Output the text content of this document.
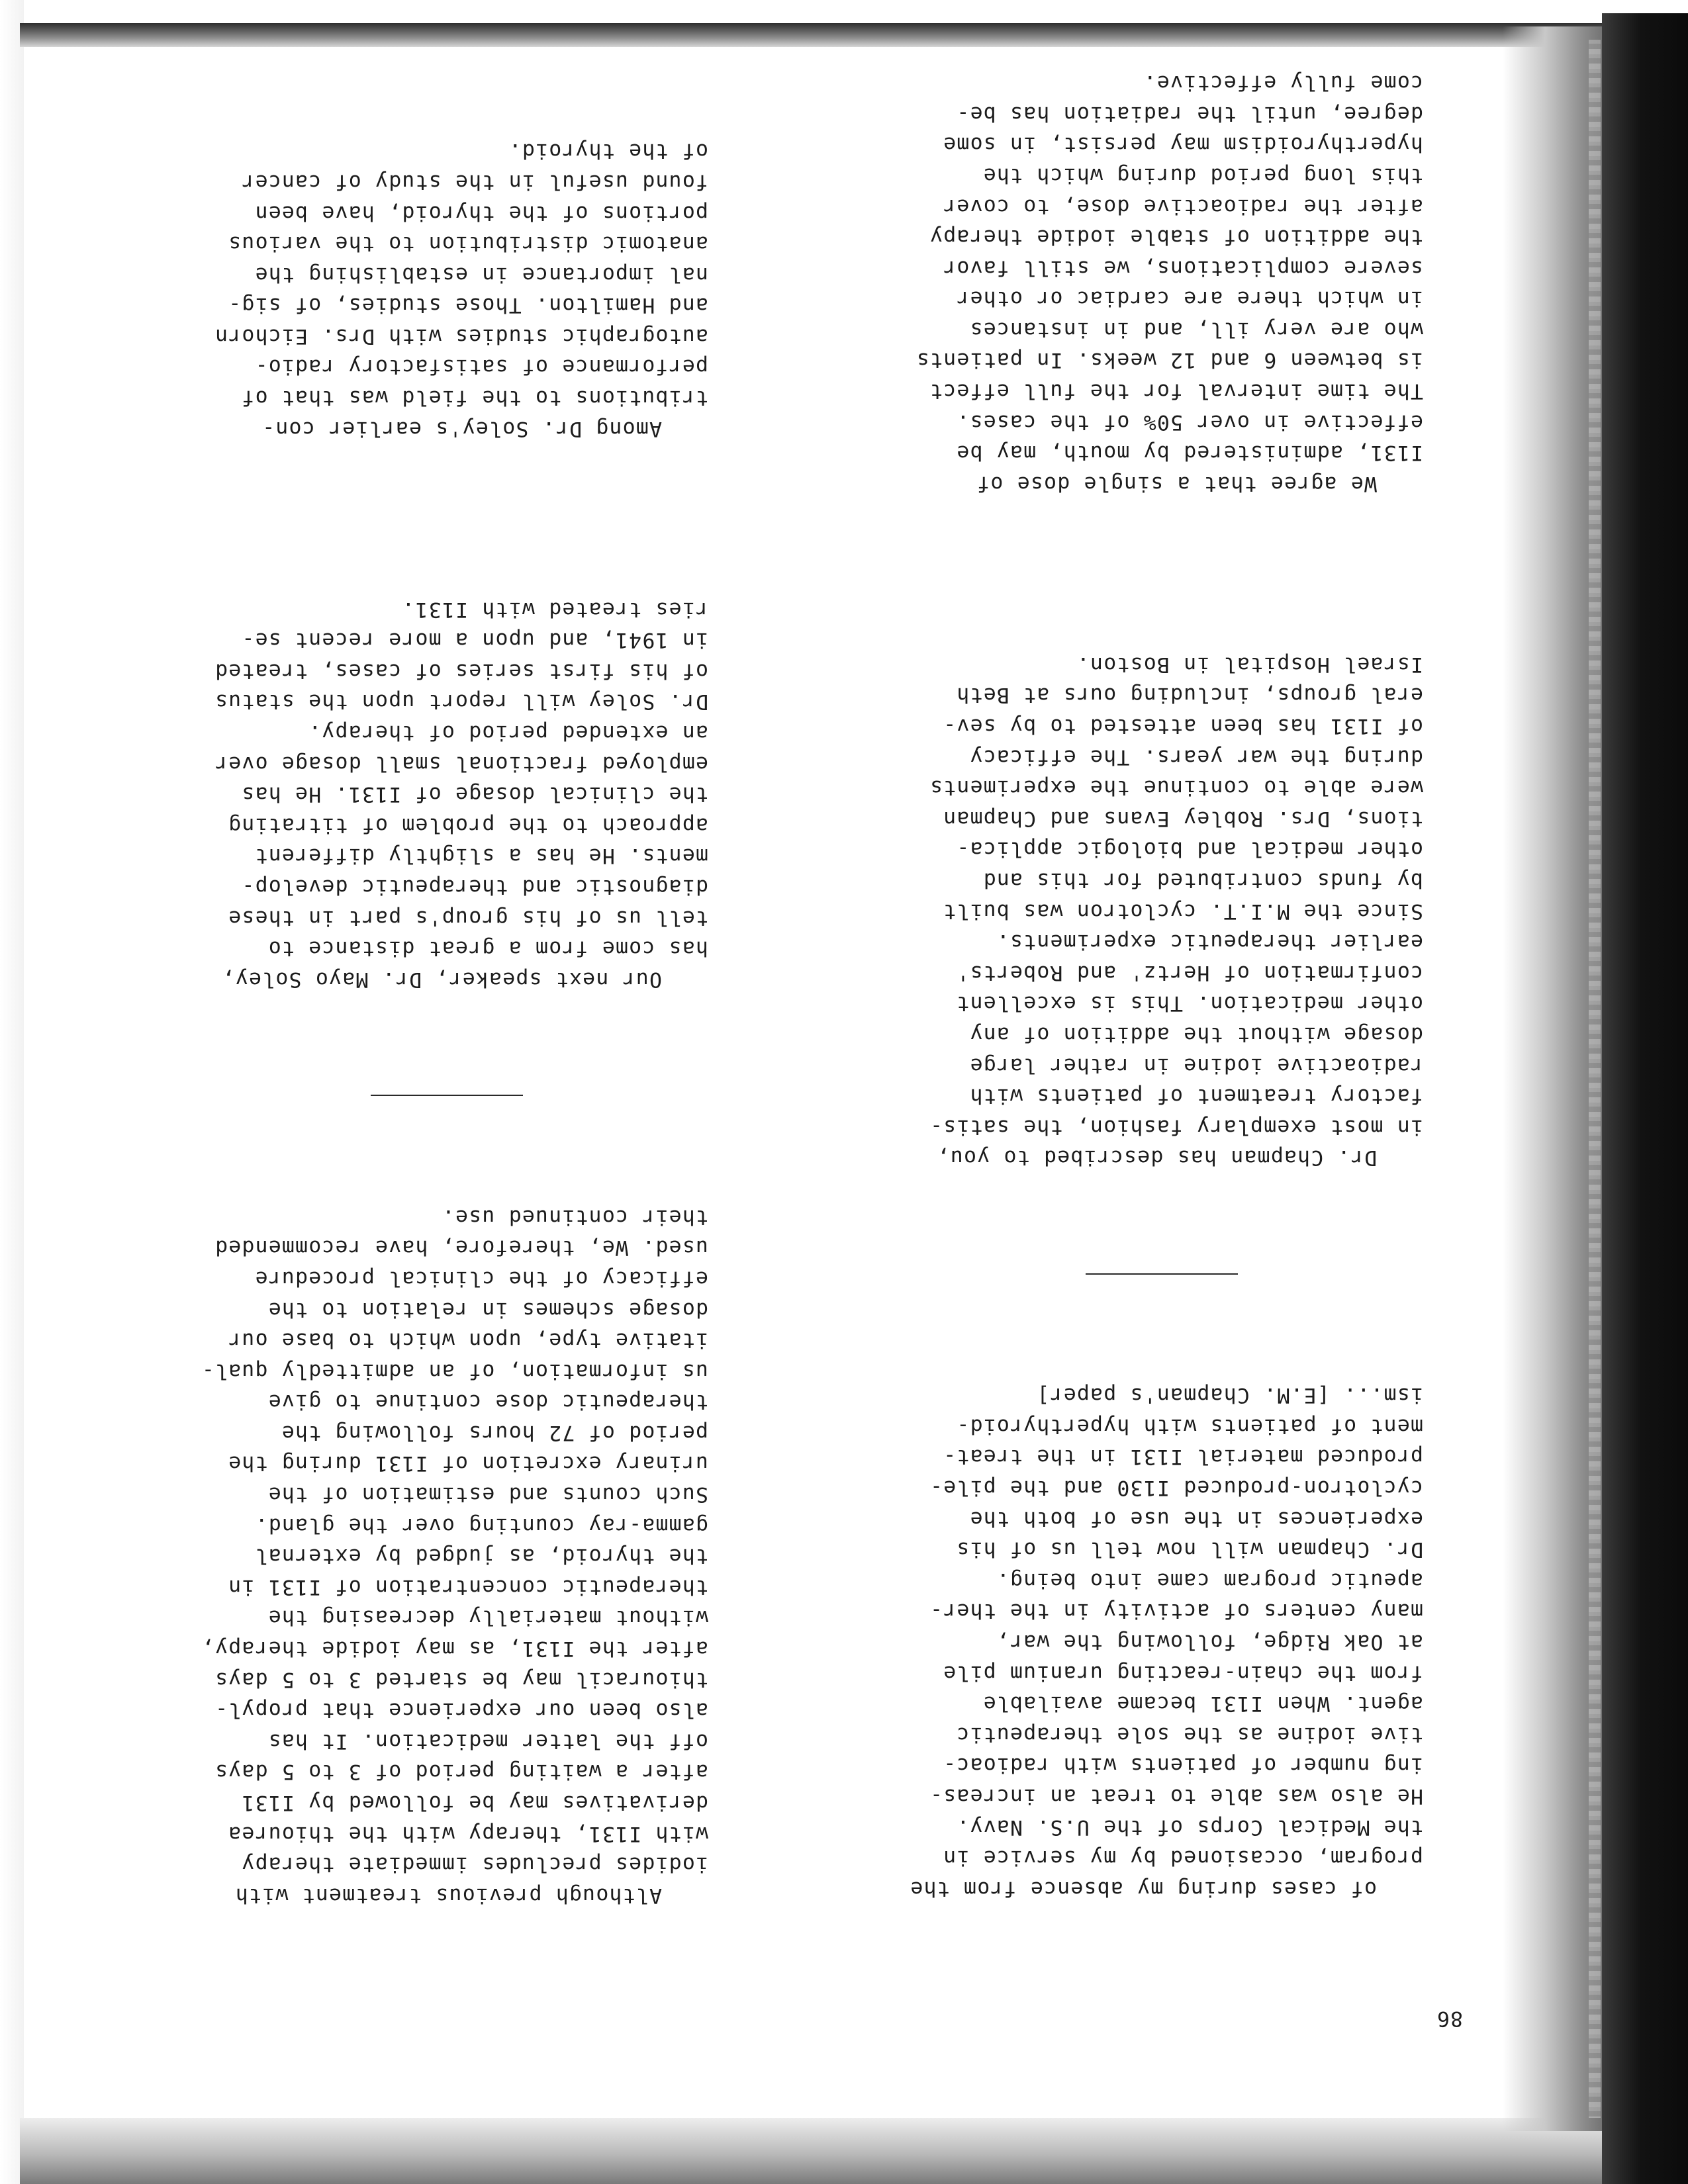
86

of cases during my absence from the

program, occasioned by my service in

the Medical Corps of the U.S. Navy.

He also was able to treat an increas-

ing number of patients with radioac-

tive iodine as the sole therapeutic

agent. When I131 became available

from the chain-reacting uranium pile

at Oak Ridge, following the war,

many centers of activity in the ther-

apeutic program came into being.

Dr. Chapman will now tell us of his

experiences in the use of both the

cyclotron-produced I130 and the pile-

produced material I131 in the treat-

ment of patients with hyperthyroid-

ism... [E.M. Chapman's paper]

Dr. Chapman has described to you,

in most exemplary fashion, the satis-

factory treatment of patients with

radioactive iodine in rather large

dosage without the addition of any

other medication. This is excellent

confirmation of Hertz' and Roberts'

earlier therapeutic experiments.

Since the M.I.T. cyclotron was built

by funds contributed for this and

other medical and biologic applica-

tions, Drs. Robley Evans and Chapman

were able to continue the experiments

during the war years. The efficacy

of I131 has been attested to by sev-

eral groups, including ours at Beth

Israel Hospital in Boston.

We agree that a single dose of

I131, administered by mouth, may be

effective in over 50% of the cases.

The time interval for the full effect

is between 6 and 12 weeks. In patients

who are very ill, and in instances

in which there are cardiac or other

severe complications, we still favor

the addition of stable iodide therapy

after the radioactive dose, to cover

this long period during which the

hyperthyroidism may persist, in some

degree, until the radiation has be-

come fully effective.

Although previous treatment with

iodides precludes immediate therapy

with I131, therapy with the thiourea

derivatives may be followed by I131

after a waiting period of 3 to 5 days

off the latter medication. It has

also been our experience that propyl-

thiouracil may be started 3 to 5 days

after the I131, as may iodide therapy,

without materially decreasing the

therapeutic concentration of I131 in

the thyroid, as judged by external

gamma-ray counting over the gland.

Such counts and estimation of the

urinary excretion of I131 during the

period of 72 hours following the

therapeutic dose continue to give

us information, of an admittedly qual-

itative type, upon which to base our

dosage schemes in relation to the

efficacy of the clinical procedure

used. We, therefore, have recommended

their continued use.

Our next speaker, Dr. Mayo Soley,

has come from a great distance to

tell us of his group's part in these

diagnostic and therapeutic develop-

ments. He has a slightly different

approach to the problem of titrating

the clinical dosage of I131. He has

employed fractional small dosage over

an extended period of therapy.

Dr. Soley will report upon the status

of his first series of cases, treated

in 1941, and upon a more recent se-

ries treated with I131.

Among Dr. Soley's earlier con-

tributions to the field was that of

performance of satisfactory radio-

autographic studies with Drs. Eichorn

and Hamilton. Those studies, of sig-

nal importance in establishing the

anatomic distribution to the various

portions of the thyroid, have been

found useful in the study of cancer

of the thyroid.
